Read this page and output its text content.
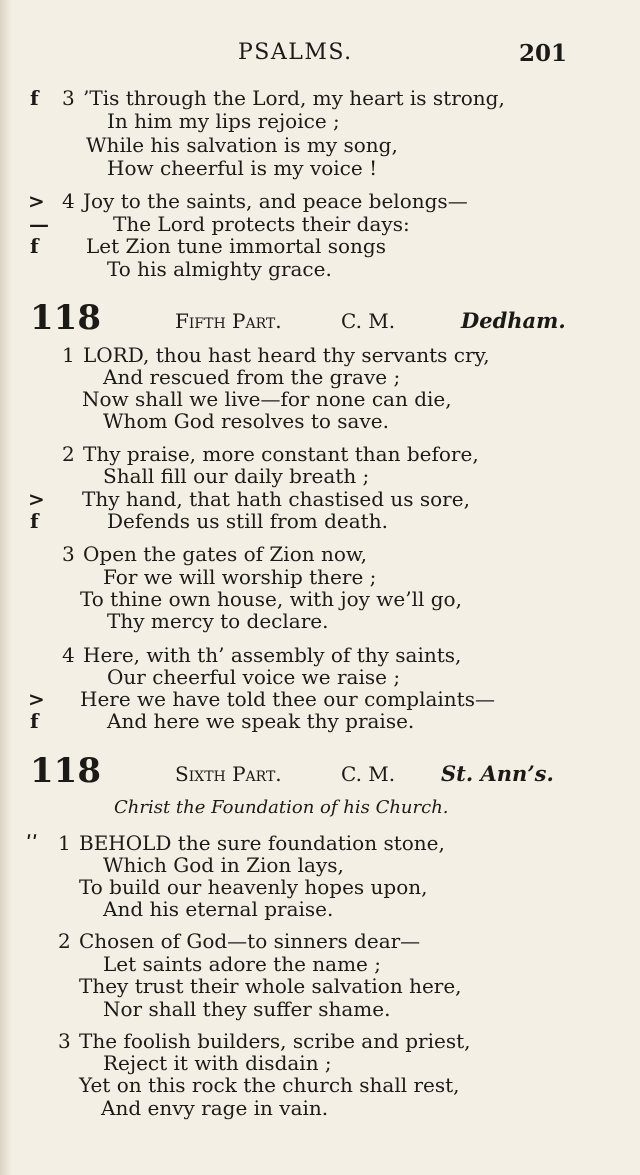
PSALMS.	201
f 3 ’Tis through the Lord, my heart is strong,
In him my lips rejoice ;
While his salvation is my song,
How cheerful is my voice !
> 4 Joy to the saints, and peace belongs—
—	The Lord protects their days:
f Let Zion tune immortal songs
To his almighty grace.
118	Fifth Part.	C. M.	Dedham.
1 LORD, thou hast heard thy servants cry,
And rescued from the grave ;
Now shall we live—for none can die,
Whom God resolves to save.
2 Thy praise, more constant than before,
Shall fill our daily breath ;
> Thy hand, that hath chastised us sore,
f	Defends us still from death.
3 Open the gates of Zion now,
For we will worship there ;
To thine own house, with joy we’ll go,
Thy mercy to declare.
4 Here, with th’ assembly of thy saints,
Our cheerful voice we raise ;
> Here we have told thee our complaints—
f	And here we speak thy praise.
118	Sixth Part.	C. M. St. Ann’s.
Christ the Foundation of his Church.
ʹʹ 1 BEHOLD the sure foundation stone,
Which God in Zion lays,
To build our heavenly hopes upon,
And his eternal praise.
2 Chosen of God—to sinners dear—
Let saints adore the name ;
They trust their whole salvation here,
Nor shall they suffer shame.
3 The foolish builders, scribe and priest,
Reject it with disdain ;
Yet on this rock the church shall rest,
And envy rage in vain.
